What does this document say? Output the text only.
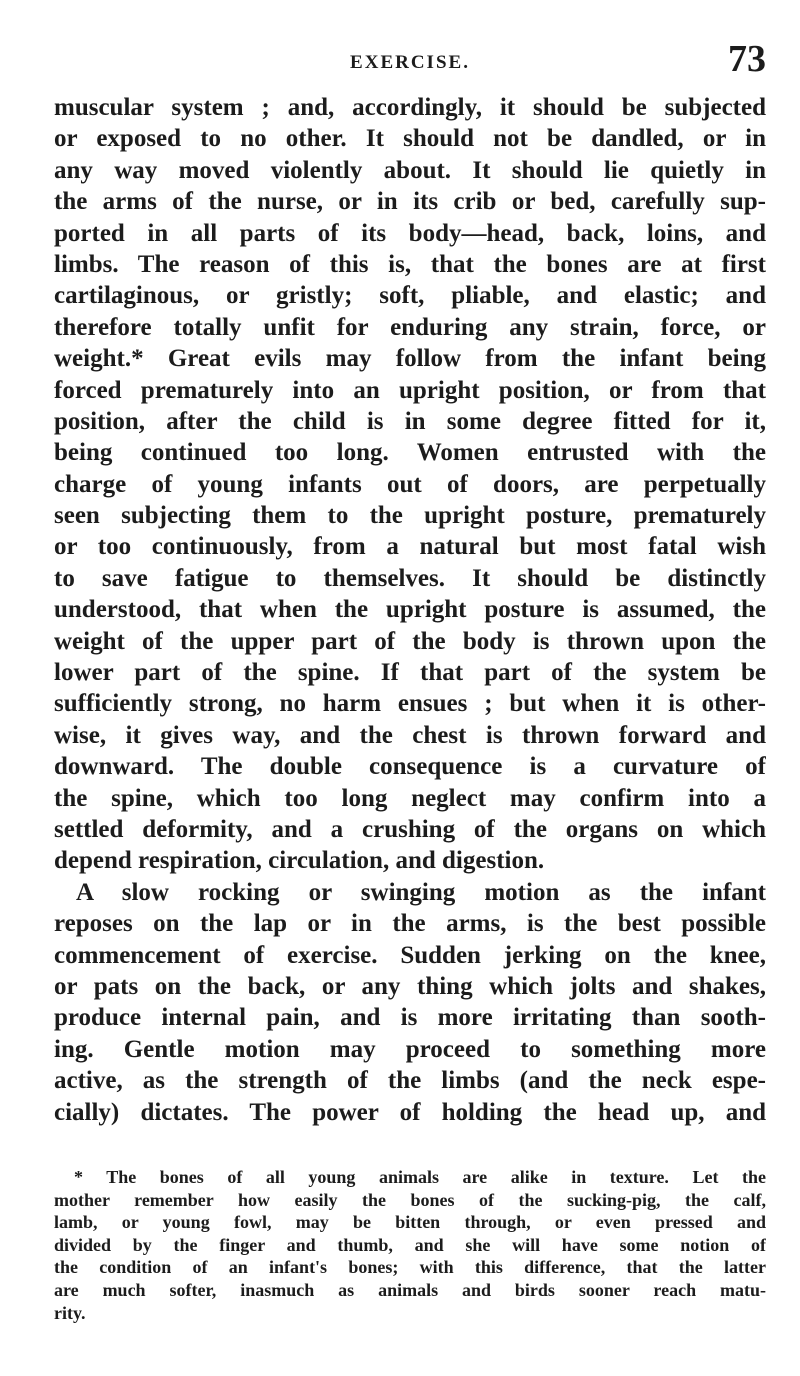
EXERCISE.	73
muscular system ; and, accordingly, it should be subjected
or exposed to no other. It should not be dandled, or in
any way moved violently about. It should lie quietly in
the arms of the nurse, or in its crib or bed, carefully sup-
ported in all parts of its body—head, back, loins, and
limbs. The reason of this is, that the bones are at first
cartilaginous, or gristly; soft, pliable, and elastic; and
therefore totally unfit for enduring any strain, force, or
weight.* Great evils may follow from the infant being
forced prematurely into an upright position, or from that
position, after the child is in some degree fitted for it,
being continued too long. Women entrusted with the
charge of young infants out of doors, are perpetually
seen subjecting them to the upright posture, prematurely
or too continuously, from a natural but most fatal wish
to save fatigue to themselves. It should be distinctly
understood, that when the upright posture is assumed, the
weight of the upper part of the body is thrown upon the
lower part of the spine. If that part of the system be
sufficiently strong, no harm ensues ; but when it is other-
wise, it gives way, and the chest is thrown forward and
downward. The double consequence is a curvature of
the spine, which too long neglect may confirm into a
settled deformity, and a crushing of the organs on which
depend respiration, circulation, and digestion.
A slow rocking or swinging motion as the infant
reposes on the lap or in the arms, is the best possible
commencement of exercise. Sudden jerking on the knee,
or pats on the back, or any thing which jolts and shakes,
produce internal pain, and is more irritating than sooth-
ing. Gentle motion may proceed to something more
active, as the strength of the limbs (and the neck espe-
cially) dictates. The power of holding the head up, and
* The bones of all young animals are alike in texture. Let the
mother remember how easily the bones of the sucking-pig, the calf,
lamb, or young fowl, may be bitten through, or even pressed and
divided by the finger and thumb, and she will have some notion of
the condition of an infant's bones; with this difference, that the latter
are much softer, inasmuch as animals and birds sooner reach matu-
rity.
